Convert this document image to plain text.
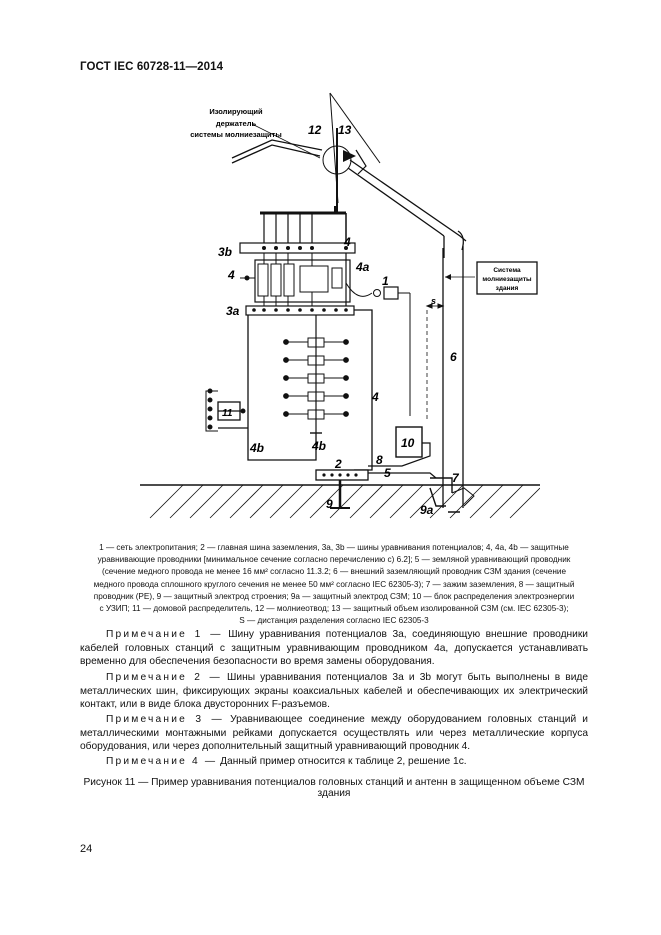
ГОСТ IEC 60728-11—2014
Система
молниезащиты
здания
Изолирующий
держатель
системы молниезащиты 12 13
3b
4
4
4a
1
3a
s
6
4
11
10
4b	4b
2	8
5	7
9	9a
1 — сеть электропитания; 2 — главная шина заземления, 3а, 3b — шины уравнивания потенциалов; 4, 4а, 4b — защитные
уравнивающие проводники [минимальное сечение согласно перечислению с) 6.2]; 5 — земляной уравнивающий проводник
(сечение медного провода не менее 16 мм² согласно 11.3.2; 6 — внешний заземляющий проводник СЗМ здания (сечение
медного провода сплошного круглого сечения не менее 50 мм² согласно IEC 62305-3); 7 — зажим заземления, 8 — защитный
проводник (РЕ), 9 — защитный электрод строения; 9а — защитный электрод СЗМ; 10 — блок распределения электроэнергии
с УЗИП; 11 — домовой распределитель, 12 — молниеотвод; 13 — защитный объем изолированной СЗМ (см. IEC 62305-3);
S — дистанция разделения согласно IEC 62305-3
Примечание 1 — Шину уравнивания потенциалов 3а, соединяющую внешние проводники кабелей головных станций с защитным уравнивающим проводником 4а, допускается устанавливать временно для обеспечения безопасности во время замены оборудования.
Примечание 2 — Шины уравнивания потенциалов 3а и 3b могут быть выполнены в виде металлических шин, фиксирующих экраны коаксиальных кабелей и обеспечивающих их электрический контакт, или в виде блока двусторонних F-разъемов.
Примечание 3 — Уравнивающее соединение между оборудованием головных станций и металлическими монтажными рейками допускается осуществлять или через металлические корпуса оборудования, или через дополнительный защитный уравнивающий проводник 4.
Примечание 4 — Данный пример относится к таблице 2, решение 1с.
Рисунок 11 — Пример уравнивания потенциалов головных станций и антенн в защищенном объеме СЗМ здания
24
